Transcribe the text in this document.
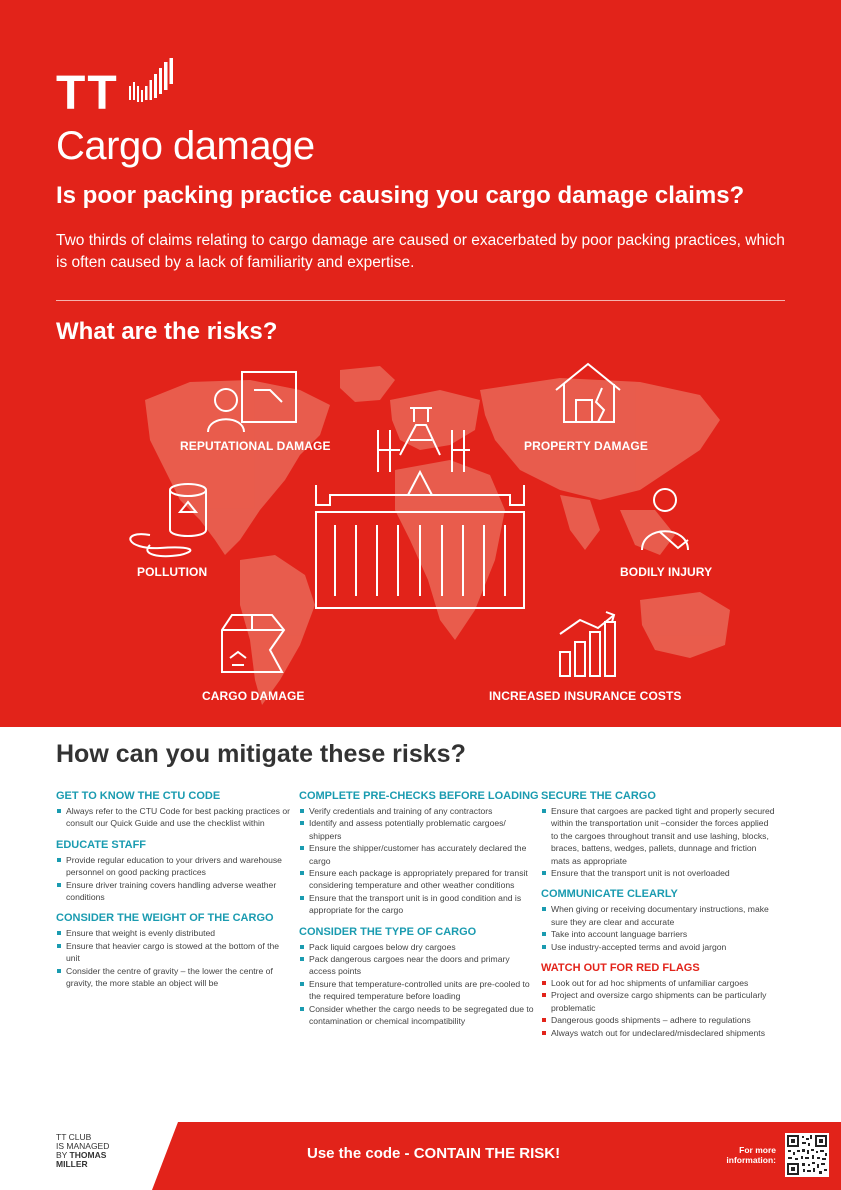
TT
Cargo damage
Is poor packing practice causing you cargo damage claims?

Two thirds of claims relating to cargo damage are caused or exacerbated by poor packing practices, which is often caused by a lack of familiarity and expertise.

What are the risks?
REPUTATIONAL DAMAGE	PROPERTY DAMAGE
POLLUTION	BODILY INJURY
CARGO DAMAGE	INCREASED INSURANCE COSTS
How can you mitigate these risks?
GET TO KNOW THE CTU CODE
Always refer to the CTU Code for best packing practices or consult our Quick Guide and use the checklist within
EDUCATE STAFF
Provide regular education to your drivers and warehouse personnel on good packing practices
Ensure driver training covers handling adverse weather conditions
CONSIDER THE WEIGHT OF THE CARGO
Ensure that weight is evenly distributed
Ensure that heavier cargo is stowed at the bottom of the unit
Consider the centre of gravity – the lower the centre of gravity, the more stable an object will be
COMPLETE PRE-CHECKS BEFORE LOADING
Verify credentials and training of any contractors
Identify and assess potentially problematic cargoes/ shippers
Ensure the shipper/customer has accurately declared the cargo
Ensure each package is appropriately prepared for transit considering temperature and other weather conditions
Ensure that the transport unit is in good condition and is appropriate for the cargo
CONSIDER THE TYPE OF CARGO
Pack liquid cargoes below dry cargoes
Pack dangerous cargoes near the doors and primary access points
Ensure that temperature-controlled units are pre-cooled to the required temperature before loading
Consider whether the cargo needs to be segregated due to contamination or chemical incompatibility
SECURE THE CARGO
Ensure that cargoes are packed tight and properly secured within the transportation unit –consider the forces applied to the cargoes throughout transit and use lashing, blocks, braces, battens, wedges, pallets, dunnage and friction mats as appropriate
Ensure that the transport unit is not overloaded
COMMUNICATE CLEARLY
When giving or receiving documentary instructions, make sure they are clear and accurate
Take into account language barriers
Use industry-accepted terms and avoid jargon
WATCH OUT FOR RED FLAGS
Look out for ad hoc shipments of unfamiliar cargoes
Project and oversize cargo shipments can be particularly problematic
Dangerous goods shipments – adhere to regulations
Always watch out for undeclared/misdeclared shipments
TT CLUB
IS MANAGED
BY THOMAS
MILLER
Use the code - CONTAIN THE RISK!	For more information:
